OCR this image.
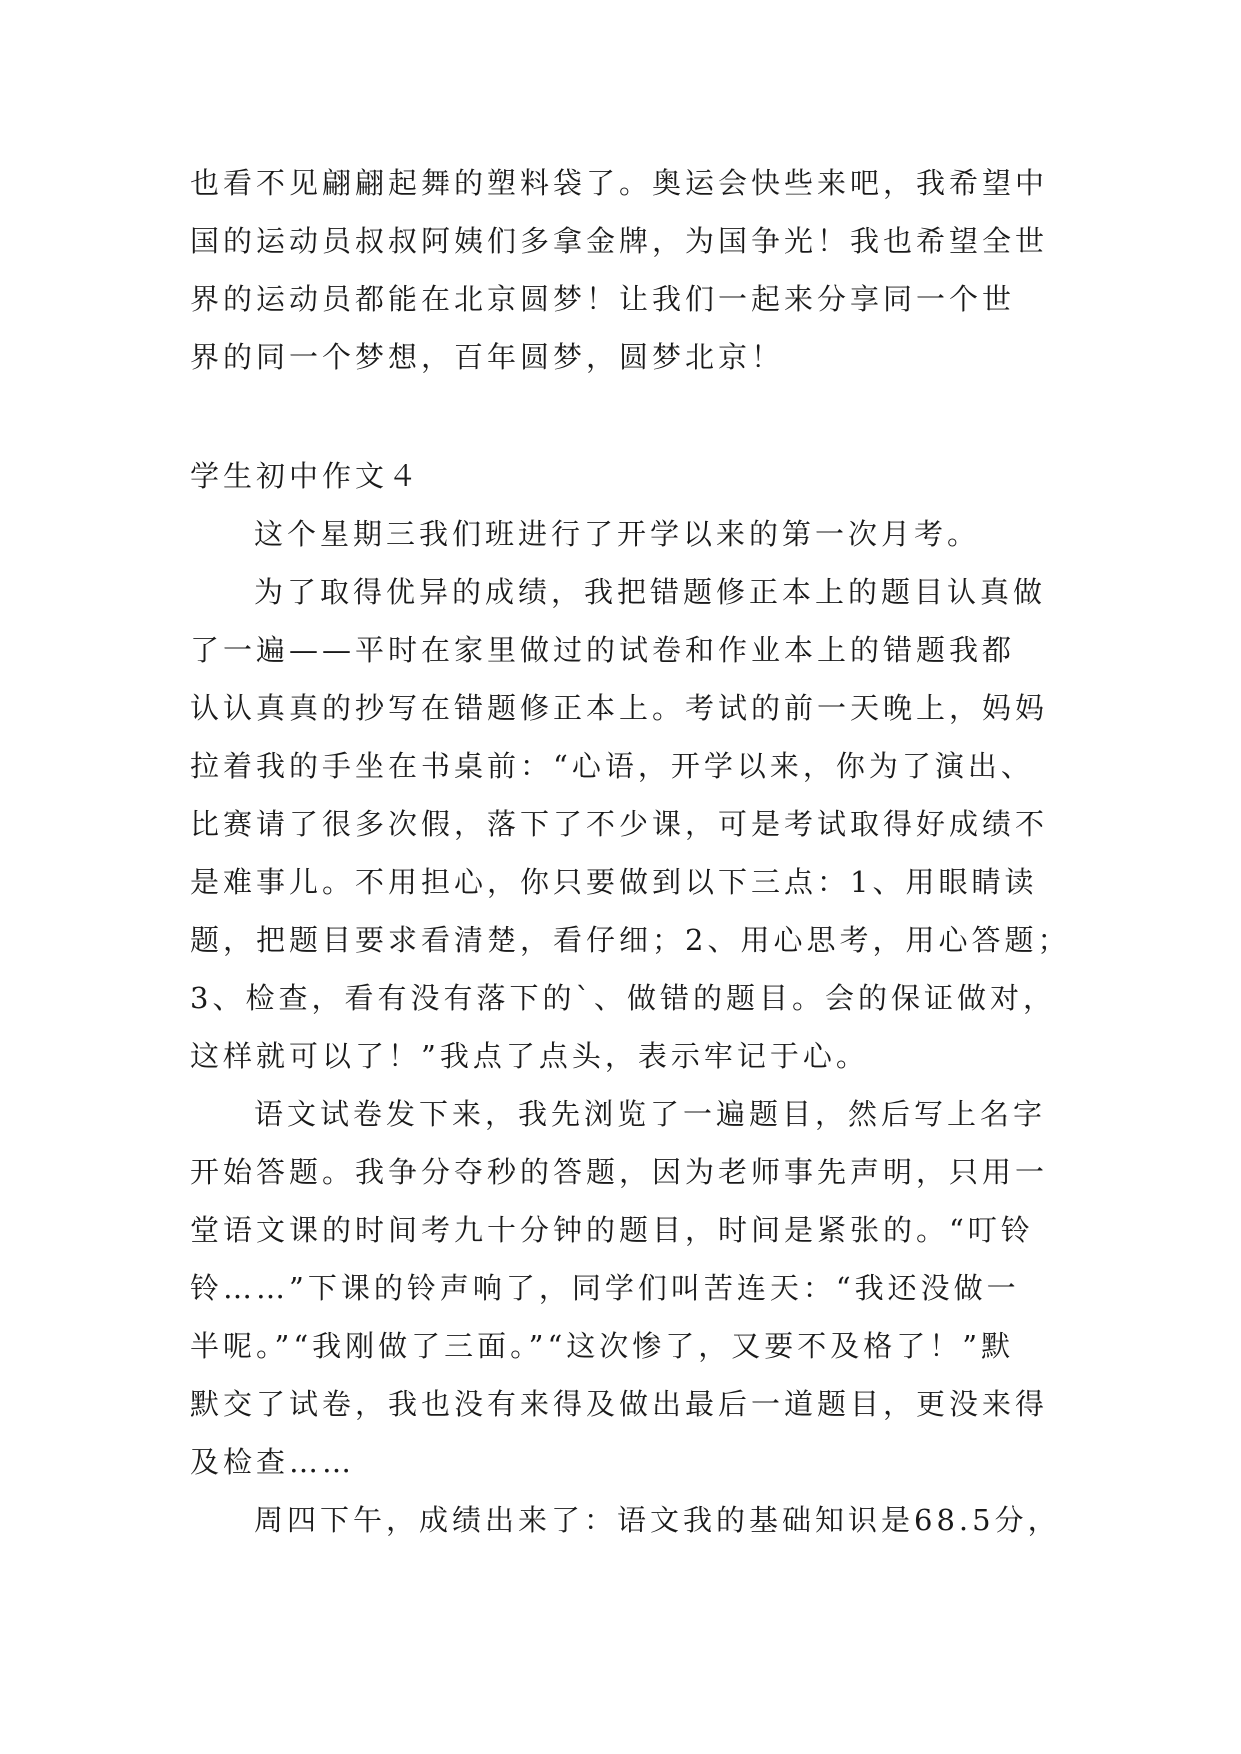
也看不见翩翩起舞的塑料袋了。奥运会快些来吧，我希望中
国的运动员叔叔阿姨们多拿金牌，为国争光！我也希望全世
界的运动员都能在北京圆梦！让我们一起来分享同一个世
界的同一个梦想，百年圆梦，圆梦北京！
学生初中作文４
这个星期三我们班进行了开学以来的第一次月考。
为了取得优异的成绩，我把错题修正本上的题目认真做
了一遍——平时在家里做过的试卷和作业本上的错题我都
认认真真的抄写在错题修正本上。考试的前一天晚上，妈妈
拉着我的手坐在书桌前：“心语，开学以来，你为了演出、
比赛请了很多次假，落下了不少课，可是考试取得好成绩不
是难事儿。不用担心，你只要做到以下三点：1、用眼睛读
题，把题目要求看清楚，看仔细；2、用心思考，用心答题；
3、检查，看有没有落下的`、做错的题目。会的保证做对，
这样就可以了！”我点了点头，表示牢记于心。
语文试卷发下来，我先浏览了一遍题目，然后写上名字
开始答题。我争分夺秒的答题，因为老师事先声明，只用一
堂语文课的时间考九十分钟的题目，时间是紧张的。“叮铃
铃……”下课的铃声响了，同学们叫苦连天：“我还没做一
半呢。”“我刚做了三面。”“这次惨了，又要不及格了！”默
默交了试卷，我也没有来得及做出最后一道题目，更没来得
及检查……
周四下午，成绩出来了：语文我的基础知识是68.5分，
